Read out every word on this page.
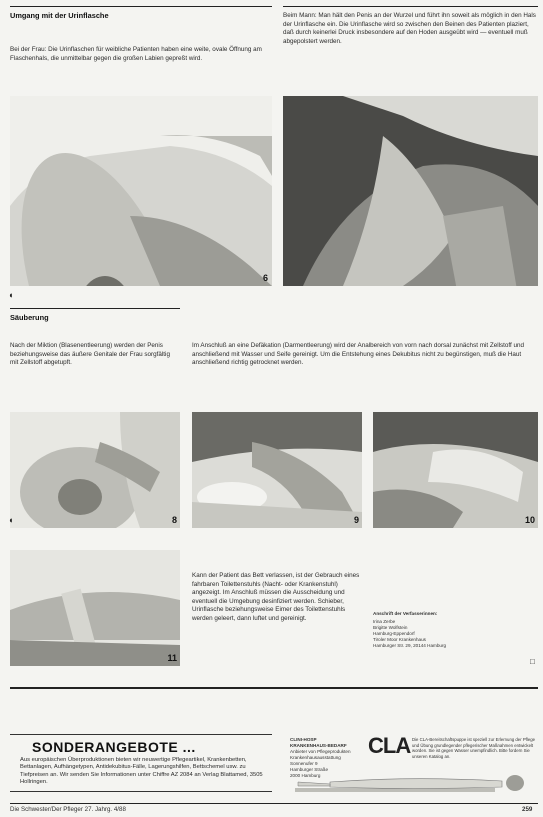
Umgang mit der Urinflasche
Bei der Frau: Die Urinflaschen für weibliche Patienten haben eine weite, ovale Öffnung am Flaschenhals, die unmittelbar gegen die großen Labien gepreßt wird.
Beim Mann: Man hält den Penis an der Wurzel und führt ihn soweit als möglich in den Hals der Urinflasche ein. Die Urinflasche wird so zwischen den Beinen des Patienten plaziert, daß durch keinerlei Druck insbesondere auf den Hoden ausgeübt wird — eventuell muß abgepolstert werden.
6
◖
Säuberung
Nach der Miktion (Blasenentleerung) werden der Penis beziehungsweise das äußere Genitale der Frau sorgfältig mit Zellstoff abgetupft.
Im Anschluß an eine Defäkation (Darmentleerung) wird der Analbereich von vorn nach dorsal zunächst mit Zellstoff und anschließend mit Wasser und Seife gereinigt. Um die Entstehung eines Dekubitus nicht zu begünstigen, muß die Haut anschließend richtig getrocknet werden.
8	9	10
◖
11
Kann der Patient das Bett verlassen, ist der Gebrauch eines fahrbaren Toilettenstuhls (Nacht- oder Krankenstuhl) angezeigt. Im Anschluß müssen die Ausscheidung und eventuell die Umgebung desinfiziert werden. Schieber, Urinflasche beziehungsweise Eimer des Toilettenstuhls werden geleert, dann luftet und gereinigt.
Anschrift der Verfasserinnen:
Irina Zerbe
Brigitte Wolfstein
Hamburg-Eppendorf
Tiroler Moor Krankenhaus
Hamburger Str. 29, 20144 Hamburg
□
SONDERANGEBOTE ...
Aus europäischen Überproduktionen bieten wir neuwertige Pflegeartikel, Krankenbetten, Bettanlagen, Aufhängetypen, Antidekubitus-Fälle, Lagerungshilfen, Bettschemel usw. zu Tiefpreisen an. Wir senden Sie Informationen unter Chiffre AZ 2084 an Verlag Blattamed, 3505 Hollringen.
CLINI-HOSP
KRANKENHAUS-BEDARF
Anbieter von Pflegeprodukten
Krankenhausausstattung
Sonnenufer 9
Hamburger Straße
2000 Hamburg
CLA Die CLA-Bereitschaftspuppe ist speziell zur Erlernung der Pflege und Übung grundlegender pflegerischer Maßnahmen entwickelt worden. Sie ist gegen Wasser unempfindlich. Bitte fordern Sie unseren Katalog an.
Die Schwester/Der Pfleger 27. Jahrg. 4/88	259
